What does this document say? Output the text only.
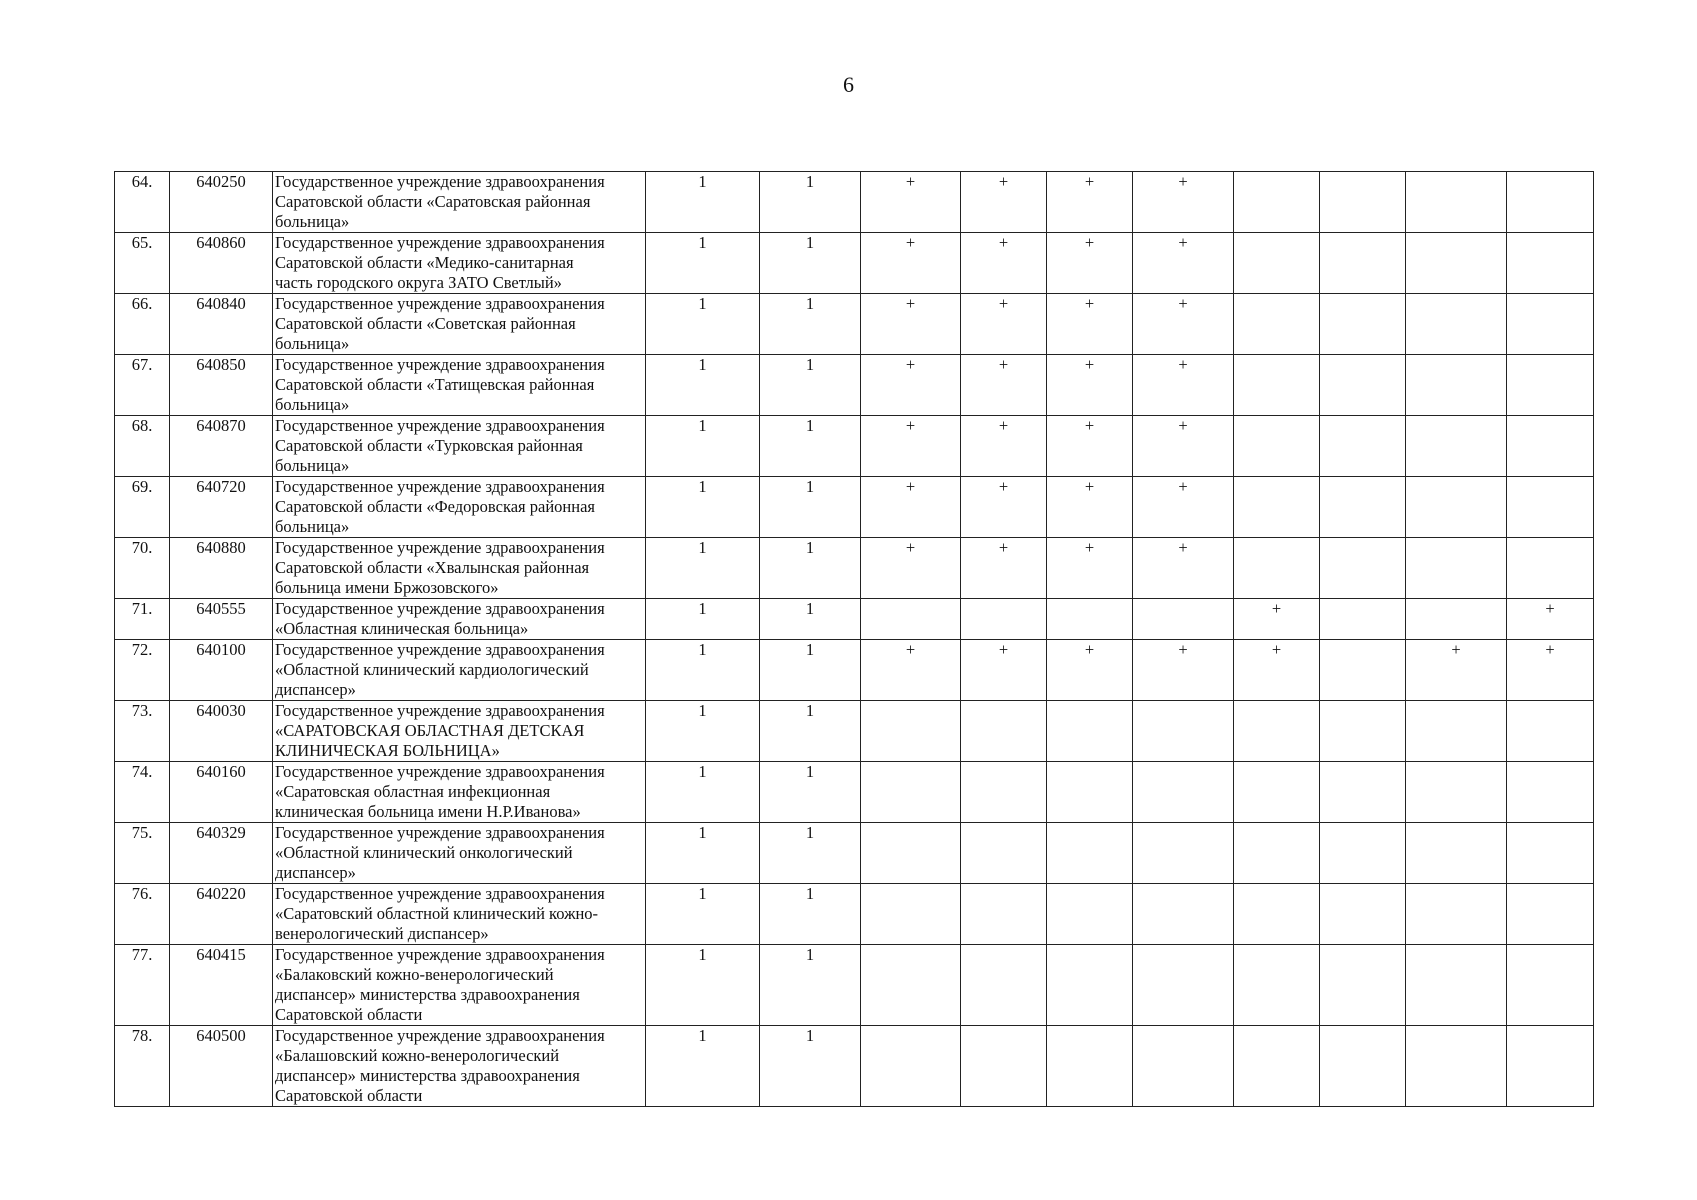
6
64.	640250	Государственное учреждение здравоохранения
Саратовской области «Саратовская районная
больница»	1	1	+	+	+	+				
65.	640860	Государственное учреждение здравоохранения
Саратовской области «Медико-санитарная
часть городского округа ЗАТО Светлый»	1	1	+	+	+	+				
66.	640840	Государственное учреждение здравоохранения
Саратовской области «Советская районная
больница»	1	1	+	+	+	+				
67.	640850	Государственное учреждение здравоохранения
Саратовской области «Татищевская районная
больница»	1	1	+	+	+	+				
68.	640870	Государственное учреждение здравоохранения
Саратовской области «Турковская районная
больница»	1	1	+	+	+	+				
69.	640720	Государственное учреждение здравоохранения
Саратовской области «Федоровская районная
больница»	1	1	+	+	+	+				
70.	640880	Государственное учреждение здравоохранения
Саратовской области «Хвалынская районная
больница имени Бржозовского»	1	1	+	+	+	+				
71.	640555	Государственное учреждение здравоохранения
«Областная клиническая больница»	1	1					+			+
72.	640100	Государственное учреждение здравоохранения
«Областной клинический кардиологический
диспансер»	1	1	+	+	+	+	+		+	+
73.	640030	Государственное учреждение здравоохранения
«САРАТОВСКАЯ ОБЛАСТНАЯ ДЕТСКАЯ
КЛИНИЧЕСКАЯ БОЛЬНИЦА»	1	1								
74.	640160	Государственное учреждение здравоохранения
«Саратовская областная инфекционная
клиническая больница имени Н.Р.Иванова»	1	1								
75.	640329	Государственное учреждение здравоохранения
«Областной клинический онкологический
диспансер»	1	1								
76.	640220	Государственное учреждение здравоохранения
«Саратовский областной клинический кожно-
венерологический диспансер»	1	1								
77.	640415	Государственное учреждение здравоохранения
«Балаковский кожно-венерологический
диспансер» министерства здравоохранения
Саратовской области	1	1								
78.	640500	Государственное учреждение здравоохранения
«Балашовский кожно-венерологический
диспансер» министерства здравоохранения
Саратовской области	1	1								
